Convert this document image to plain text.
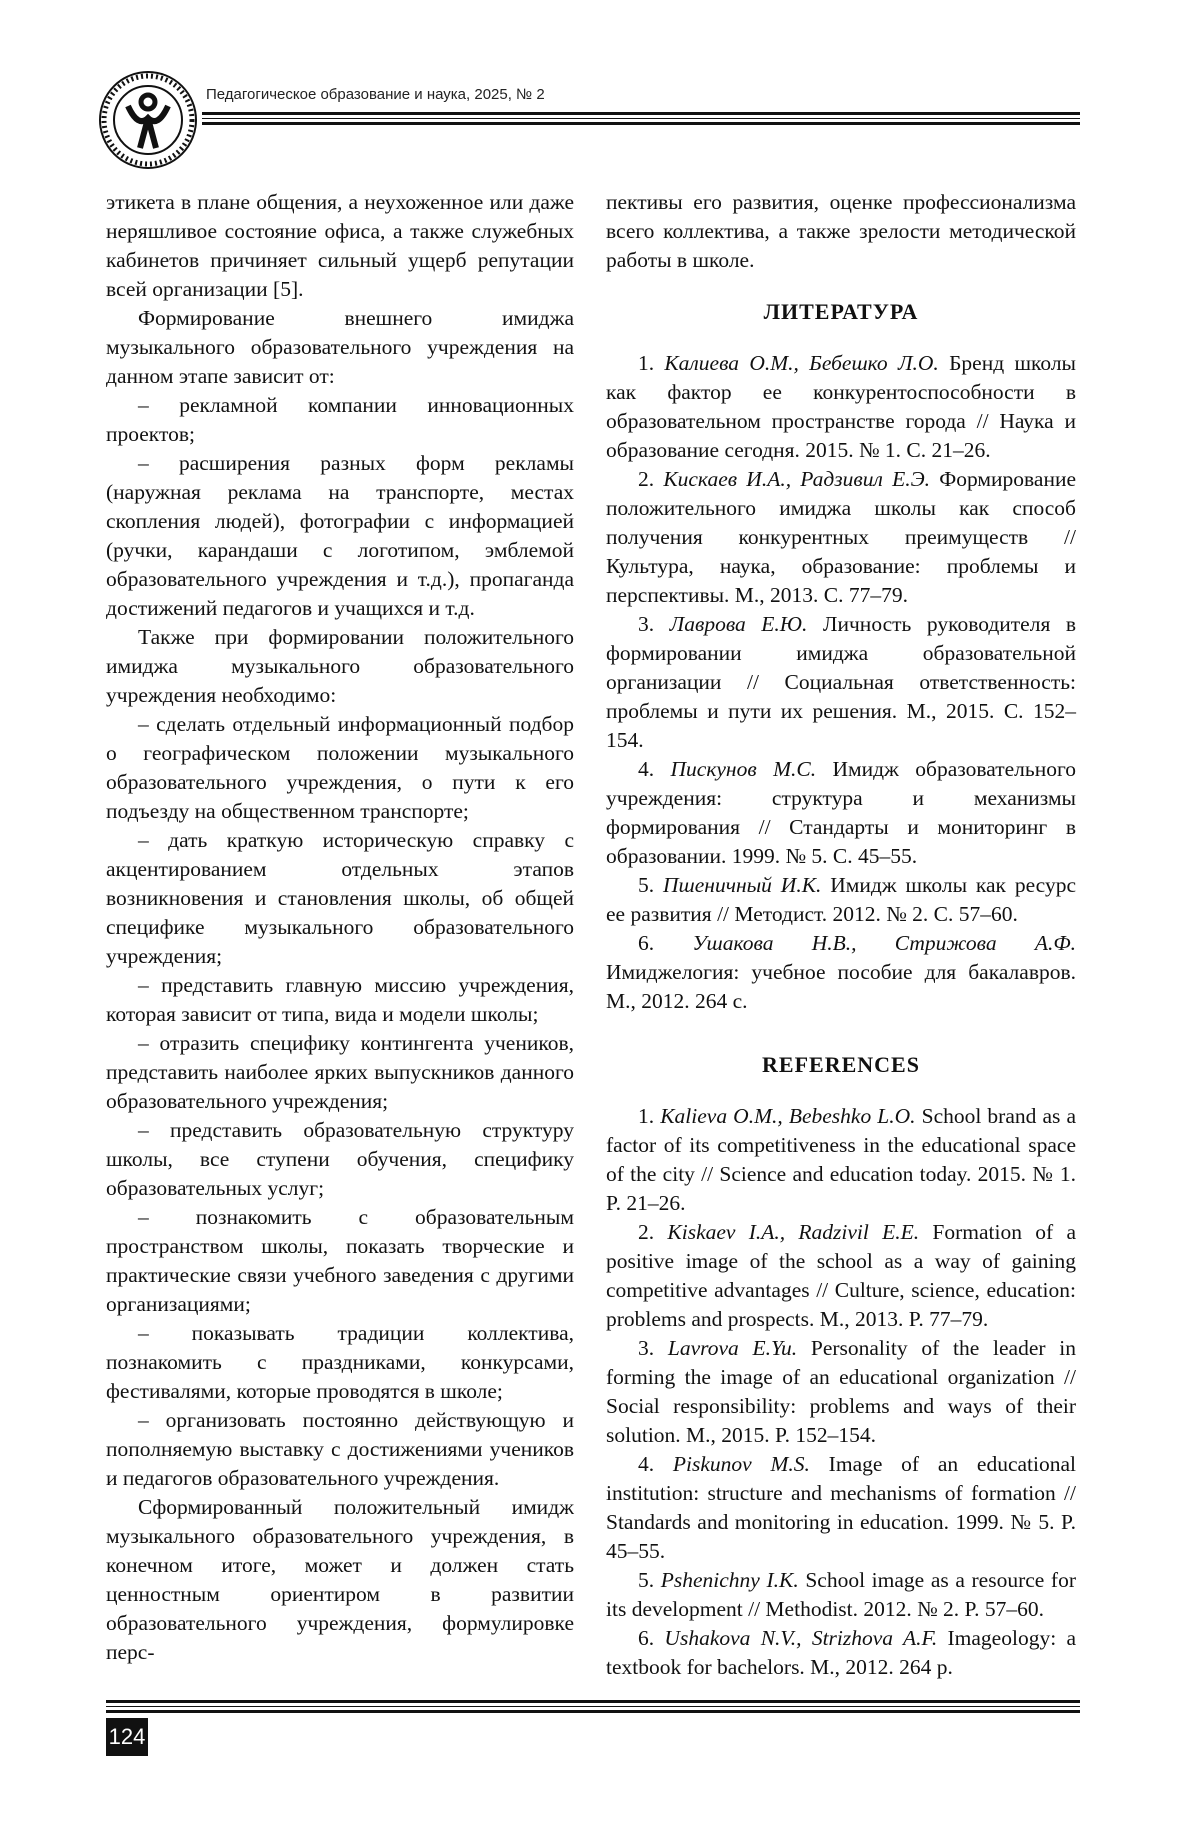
Педагогическое образование и наука, 2025, № 2

этикета в плане общения, а неухоженное или даже неряшливое состояние офиса, а также служебных кабинетов причиняет сильный ущерб репутации всей организации [5].

Формирование внешнего имиджа музыкального образовательного учреждения на данном этапе зависит от:

– рекламной компании инновационных проектов;

– расширения разных форм рекламы (наружная реклама на транспорте, местах скопления людей), фотографии с информацией (ручки, карандаши с логотипом, эмблемой образовательного учреждения и т.д.), пропаганда достижений педагогов и учащихся и т.д.

Также при формировании положительного имиджа музыкального образовательного учреждения необходимо:

– сделать отдельный информационный подбор о географическом положении музыкального образовательного учреждения, о пути к его подъезду на общественном транспорте;

– дать краткую историческую справку с акцентированием отдельных этапов возникновения и становления школы, об общей специфике музыкального образовательного учреждения;

– представить главную миссию учреждения, которая зависит от типа, вида и модели школы;

– отразить специфику контингента учеников, представить наиболее ярких выпускников данного образовательного учреждения;

– представить образовательную структуру школы, все ступени обучения, специфику образовательных услуг;

– познакомить с образовательным пространством школы, показать творческие и практические связи учебного заведения с другими организациями;

– показывать традиции коллектива, познакомить с праздниками, конкурсами, фестивалями, которые проводятся в школе;

– организовать постоянно действующую и пополняемую выставку с достижениями учеников и педагогов образовательного учреждения.

Сформированный положительный имидж музыкального образовательного учреждения, в конечном итоге, может и должен стать ценностным ориентиром в развитии образовательного учреждения, формулировке перс-

пективы его развития, оценке профессионализма всего коллектива, а также зрелости методической работы в школе.

ЛИТЕРАТУРА

1. Калиева О.М., Бебешко Л.О. Бренд школы как фактор ее конкурентоспособности в образовательном пространстве города // Наука и образование сегодня. 2015. № 1. С. 21–26.

2. Кискаев И.А., Радзивил Е.Э. Формирование положительного имиджа школы как способ получения конкурентных преимуществ // Культура, наука, образование: проблемы и перспективы. М., 2013. С. 77–79.

3. Лаврова Е.Ю. Личность руководителя в формировании имиджа образовательной организации // Социальная ответственность: проблемы и пути их решения. М., 2015. С. 152–154.

4. Пискунов М.С. Имидж образовательного учреждения: структура и механизмы формирования // Стандарты и мониторинг в образовании. 1999. № 5. С. 45–55.

5. Пшеничный И.К. Имидж школы как ресурс ее развития // Методист. 2012. № 2. С. 57–60.

6. Ушакова Н.В., Стрижова А.Ф. Имиджелогия: учебное пособие для бакалавров. М., 2012. 264 с.

REFERENCES

1. Kalieva O.M., Bebeshko L.O. School brand as a factor of its competitiveness in the educational space of the city // Science and education today. 2015. № 1. P. 21–26.

2. Kiskaev I.A., Radzivil E.E. Formation of a positive image of the school as a way of gaining competitive advantages // Culture, science, education: problems and prospects. M., 2013. P. 77–79.

3. Lavrova E.Yu. Personality of the leader in forming the image of an educational organization // Social responsibility: problems and ways of their solution. M., 2015. P. 152–154.

4. Piskunov M.S. Image of an educational institution: structure and mechanisms of formation // Standards and monitoring in education. 1999. № 5. P. 45–55.

5. Pshenichny I.K. School image as a resource for its development // Methodist. 2012. № 2. P. 57–60.

6. Ushakova N.V., Strizhova A.F. Imageology: a textbook for bachelors. M., 2012. 264 p.

124
